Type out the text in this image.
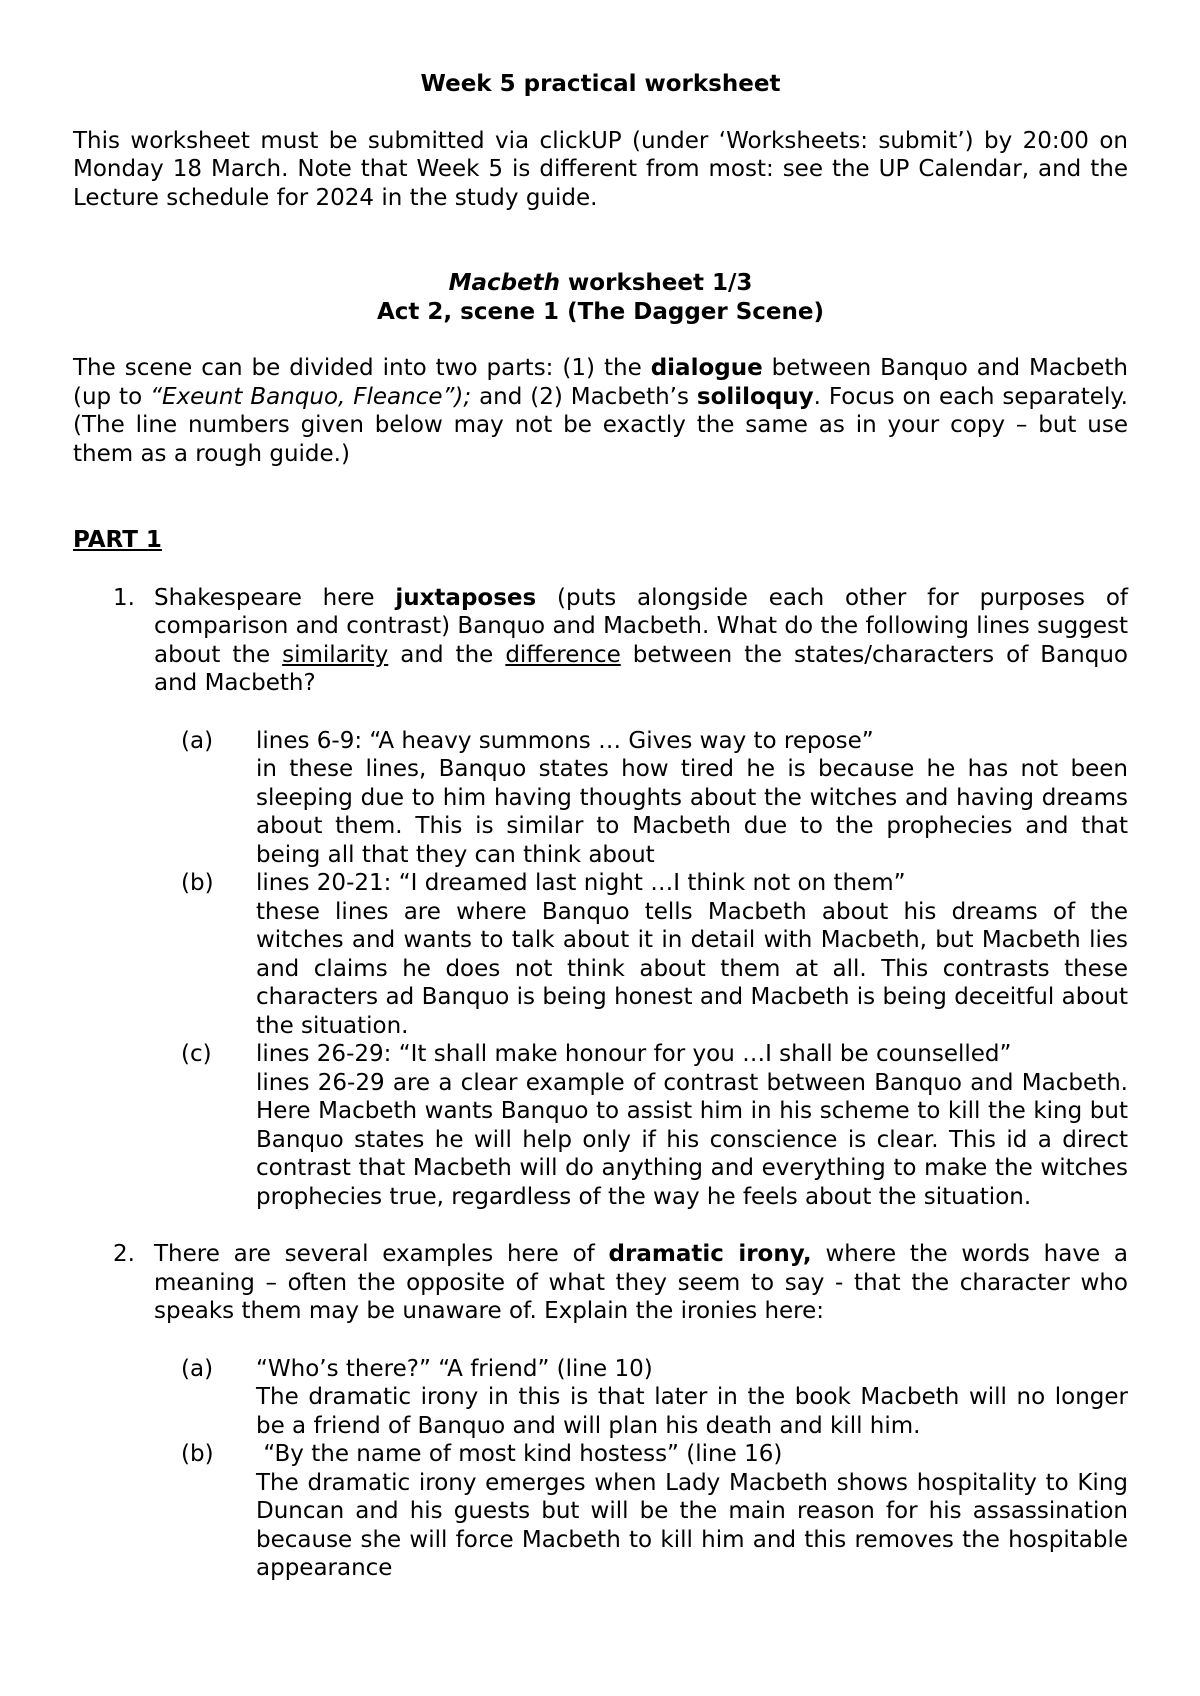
Week 5 practical worksheet
This worksheet must be submitted via clickUP (under ‘Worksheets: submit’) by 20:00 on Monday 18 March. Note that Week 5 is different from most: see the UP Calendar, and the Lecture schedule for 2024 in the study guide.
Macbeth worksheet 1/3
Act 2, scene 1 (The Dagger Scene)
The scene can be divided into two parts: (1) the dialogue between Banquo and Macbeth (up to “Exeunt Banquo, Fleance”); and (2) Macbeth’s soliloquy. Focus on each separately. (The line numbers given below may not be exactly the same as in your copy – but use them as a rough guide.)
PART 1
1. Shakespeare here juxtaposes (puts alongside each other for purposes of comparison and contrast) Banquo and Macbeth. What do the following lines suggest about the similarity and the difference between the states/characters of Banquo and Macbeth?
(a) lines 6-9: “A heavy summons … Gives way to repose”
in these lines, Banquo states how tired he is because he has not been sleeping due to him having thoughts about the witches and having dreams about them. This is similar to Macbeth due to the prophecies and that being all that they can think about
(b) lines 20-21: “I dreamed last night …I think not on them”
these lines are where Banquo tells Macbeth about his dreams of the witches and wants to talk about it in detail with Macbeth, but Macbeth lies and claims he does not think about them at all. This contrasts these characters ad Banquo is being honest and Macbeth is being deceitful about the situation.
(c) lines 26-29: “It shall make honour for you …I shall be counselled”
lines 26-29 are a clear example of contrast between Banquo and Macbeth. Here Macbeth wants Banquo to assist him in his scheme to kill the king but Banquo states he will help only if his conscience is clear. This id a direct contrast that Macbeth will do anything and everything to make the witches prophecies true, regardless of the way he feels about the situation.
2. There are several examples here of dramatic irony, where the words have a meaning – often the opposite of what they seem to say - that the character who speaks them may be unaware of. Explain the ironies here:
(a) “Who’s there?” “A friend” (line 10)
The dramatic irony in this is that later in the book Macbeth will no longer be a friend of Banquo and will plan his death and kill him.
(b) “By the name of most kind hostess” (line 16)
The dramatic irony emerges when Lady Macbeth shows hospitality to King Duncan and his guests but will be the main reason for his assassination because she will force Macbeth to kill him and this removes the hospitable appearance
